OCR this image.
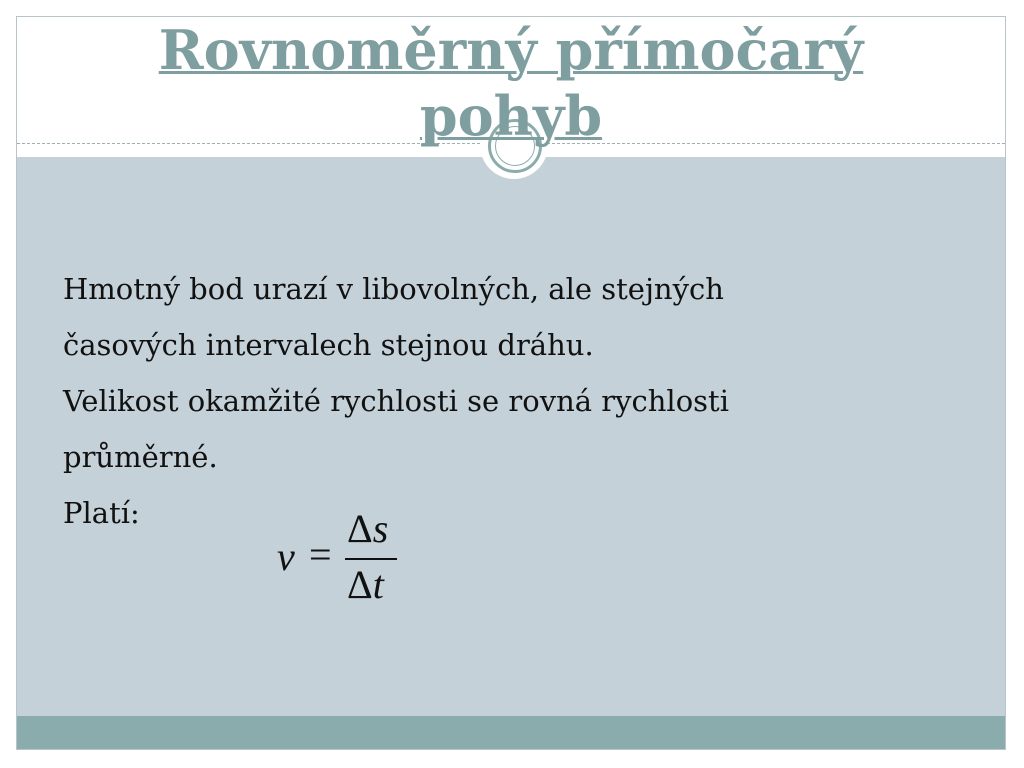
Rovnoměrný přímočarý
pohyb

Hmotný bod urazí v libovolných, ale stejných

časových intervalech stejnou dráhu.

Velikost okamžité rychlosti se rovná rychlosti

průměrné.

Platí:

v =
Δs
Δt
